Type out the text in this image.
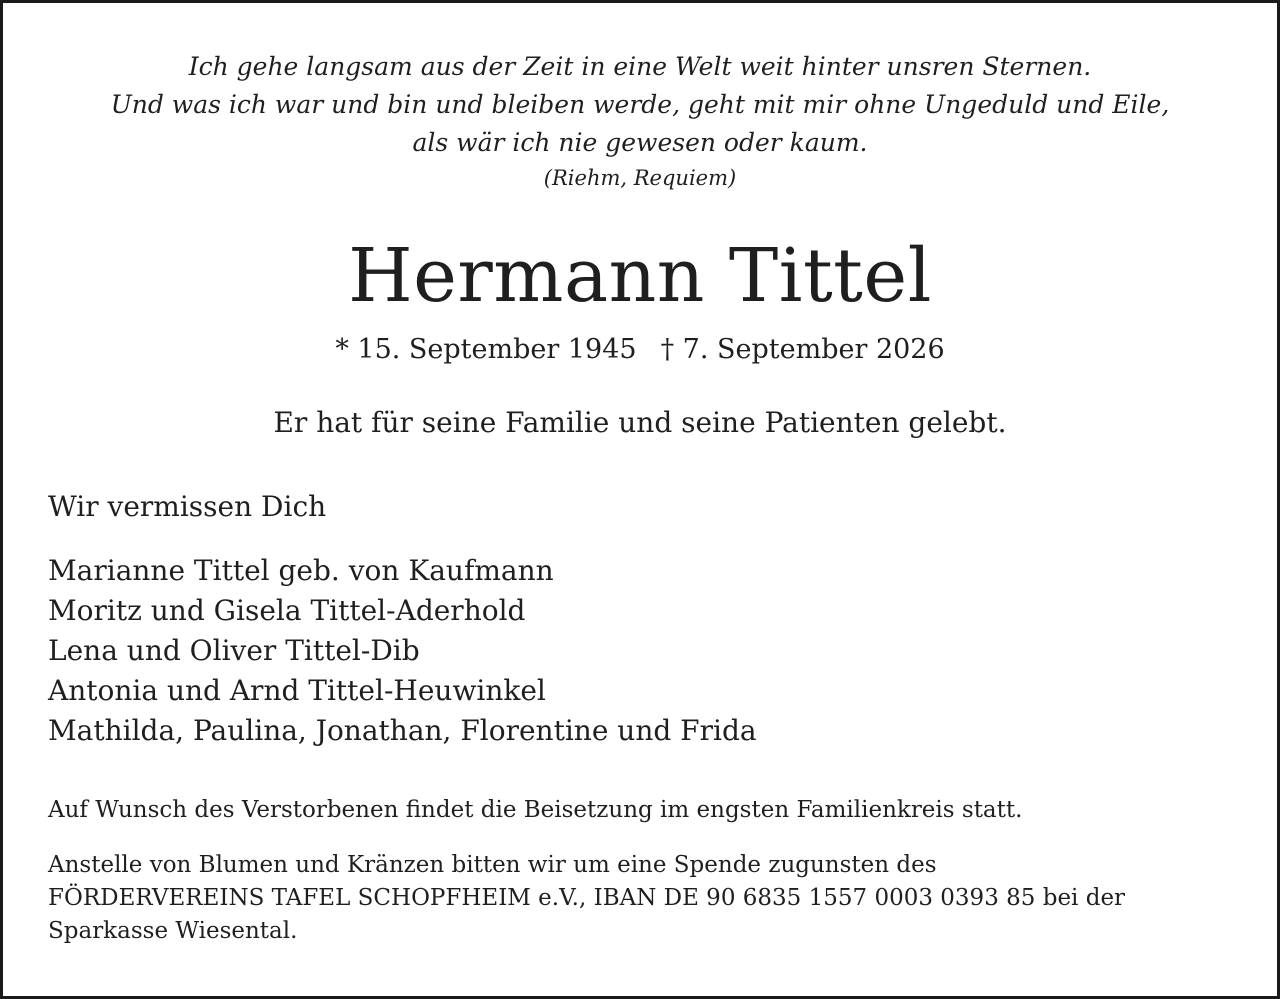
Ich gehe langsam aus der Zeit in eine Welt weit hinter unsren Sternen.
Und was ich war und bin und bleiben werde, geht mit mir ohne Ungeduld und Eile,
als wär ich nie gewesen oder kaum.
(Riehm, Requiem)
Hermann Tittel
* 15. September 1945 † 7. September 2026
Er hat für seine Familie und seine Patienten gelebt.
Wir vermissen Dich
Marianne Tittel geb. von Kaufmann
Moritz und Gisela Tittel-Aderhold
Lena und Oliver Tittel-Dib
Antonia und Arnd Tittel-Heuwinkel
Mathilda, Paulina, Jonathan, Florentine und Frida
Auf Wunsch des Verstorbenen findet die Beisetzung im engsten Familienkreis statt.
Anstelle von Blumen und Kränzen bitten wir um eine Spende zugunsten des
FÖRDERVEREINS TAFEL SCHOPFHEIM e.V., IBAN DE 90 6835 1557 0003 0393 85 bei der
Sparkasse Wiesental.
